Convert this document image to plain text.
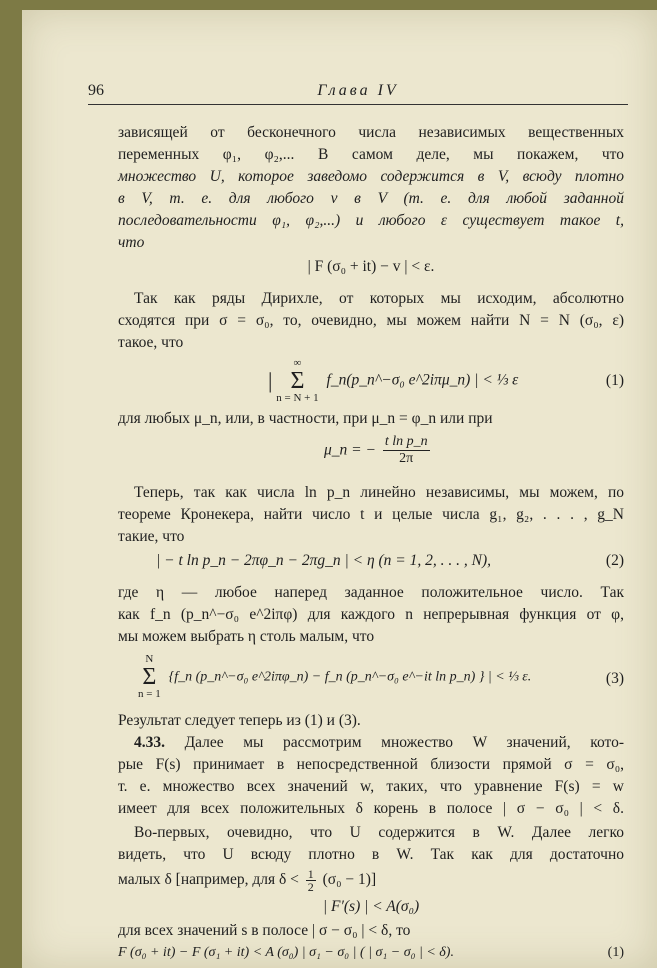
96	Глава IV
зависящей от бесконечного числа независимых вещественных
переменных φ₁, φ₂,... В самом деле, мы покажем, что
множество U, которое заведомо содержится в V, всюду плотно
в V, т. е. для любого v в V (т. е. для любой заданной
последовательности φ₁, φ₂,...) и любого ε существует такое t,
что
| F (σ₀ + it) − v | < ε.
Так как ряды Дирихле, от которых мы исходим, абсолютно
сходятся при σ = σ₀, то, очевидно, мы можем найти N = N (σ₀, ε)
такое, что
| ∞
Σ
n = N + 1 f_n(p_n^−σ₀ e^2iπμ_n) | < ⅓ ε	(1)
для любых μ_n, или, в частности, при μ_n = φ_n или при
μ_n = − $\frac{\text{t ln p\_n}}{2\pi}$
Теперь, так как числа ln p_n линейно независимы, мы можем, по
теореме Кронекера, найти число t и целые числа g₁, g₂, . . . , g_N
такие, что
| − t ln p_n − 2πφ_n − 2πg_n | < η (n = 1, 2, . . . , N),	(2)
где η — любое наперед заданное положительное число. Так
как f_n (p_n^−σ₀ e^2iπφ) для каждого n непрерывная функция от φ,
мы можем выбрать η столь малым, что
N
Σ
n = 1 {f_n (p_n^−σ₀ e^2iπφ_n) − f_n (p_n^−σ₀ e^−it ln p_n) } | < ⅓ ε.	(3)
Результат следует теперь из (1) и (3).
4.33. Далее мы рассмотрим множество W значений, кото-
рые F(s) принимает в непосредственной близости прямой σ = σ₀,
т. е. множество всех значений w, таких, что уравнение F(s) = w
имеет для всех положительных δ корень в полосе | σ − σ₀ | < δ.
Во-первых, очевидно, что U содержится в W. Далее легко
видеть, что U всюду плотно в W. Так как для достаточно
малых δ [например, для $\delta < \frac{1}{2} (\sigma_0 - 1)$]
| F′(s) | < A(σ₀)
для всех значений s в полосе | σ − σ₀ | < δ, то
F (σ₀ + it) − F (σ₁ + it) < A (σ₀) | σ₁ − σ₀ | ( | σ₁ − σ₀ | < δ).	(1)
